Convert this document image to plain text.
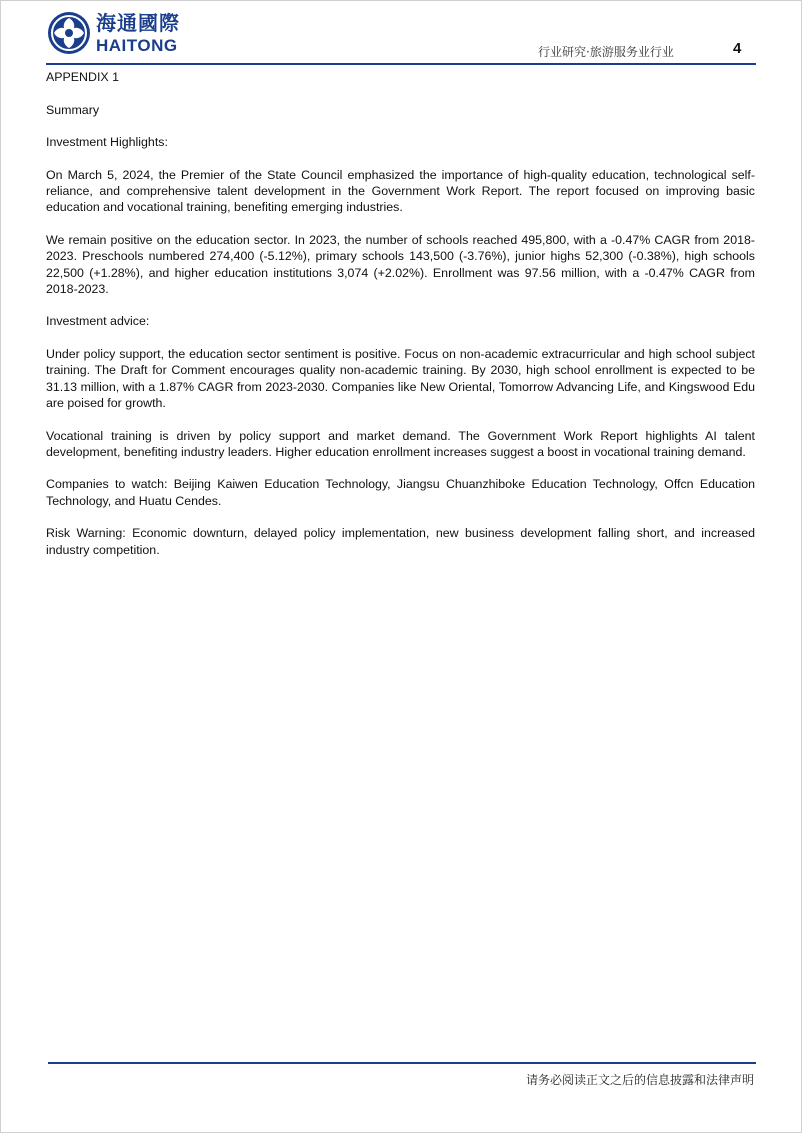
海通國際
HAITONG	行业研究·旅游服务业行业	4

APPENDIX 1

Summary

Investment Highlights:

On March 5, 2024, the Premier of the State Council emphasized the importance of high-quality education, technological self-reliance, and comprehensive talent development in the Government Work Report. The report focused on improving basic education and vocational training, benefiting emerging industries.

We remain positive on the education sector. In 2023, the number of schools reached 495,800, with a -0.47% CAGR from 2018-2023. Preschools numbered 274,400 (-5.12%), primary schools 143,500 (-3.76%), junior highs 52,300 (-0.38%), high schools 22,500 (+1.28%), and higher education institutions 3,074 (+2.02%). Enrollment was 97.56 million, with a -0.47% CAGR from 2018-2023.

Investment advice:

Under policy support, the education sector sentiment is positive. Focus on non-academic extracurricular and high school subject training. The Draft for Comment encourages quality non-academic training. By 2030, high school enrollment is expected to be 31.13 million, with a 1.87% CAGR from 2023-2030. Companies like New Oriental, Tomorrow Advancing Life, and Kingswood Edu are poised for growth.

Vocational training is driven by policy support and market demand. The Government Work Report highlights AI talent development, benefiting industry leaders. Higher education enrollment increases suggest a boost in vocational training demand.

Companies to watch: Beijing Kaiwen Education Technology, Jiangsu Chuanzhiboke Education Technology, Offcn Education Technology, and Huatu Cendes.

Risk Warning: Economic downturn, delayed policy implementation, new business development falling short, and increased industry competition.

请务必阅读正文之后的信息披露和法律声明
